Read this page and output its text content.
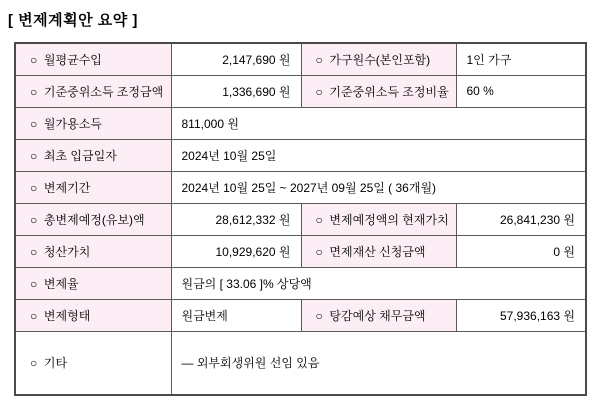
[ 변제계획안 요약 ]
○  월평균수입	2,147,690 원	○  가구원수(본인포함)	1인 가구
○  기준중위소득 조정금액	1,336,690 원	○  기준중위소득 조정비율	60 %
○  월가용소득	811,000 원		
○  최초 입금일자	2024년 10월 25일		
○  변제기간	2024년 10월 25일 ~ 2027년 09월 25일 ( 36개월)		
○  총변제예정(유보)액	28,612,332 원	○  변제예정액의 현재가치	26,841,230 원
○  청산가치	10,929,620 원	○  면제재산 신청금액	0 원
○  변제율	원금의 [ 33.06 ]% 상당액		
○  변제형태	원금변제	○  탕감예상 채무금액	57,936,163 원
○  기타	— 외부회생위원 선임 있음		
